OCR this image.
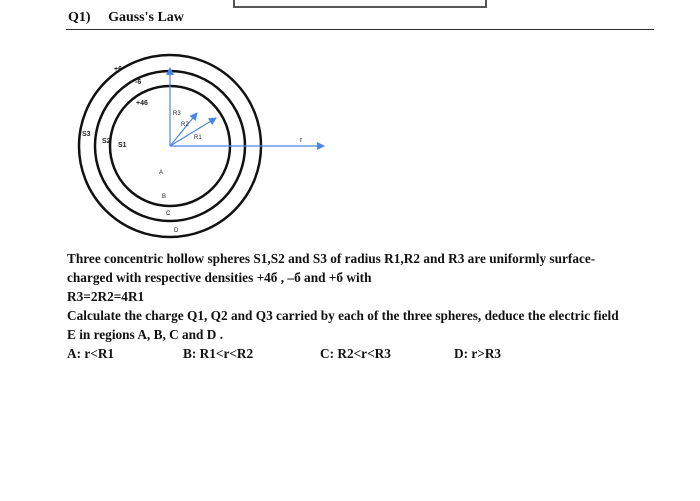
Q1) Gauss's Law
+6
-6
+46
S3
S2
S1
R3
R2
R1	r
A
B
C
D

Three concentric hollow spheres S1,S2 and S3 of radius R1,R2 and R3 are uniformly surface-

charged with respective densities +4б , –б and +б with

R3=2R2=4R1

Calculate the charge Q1, Q2 and Q3 carried by each of the three spheres, deduce the electric field

E in regions A, B, C and D .

A: r<R1	B: R1<r<R2	C: R2<r<R3	D: r>R3
